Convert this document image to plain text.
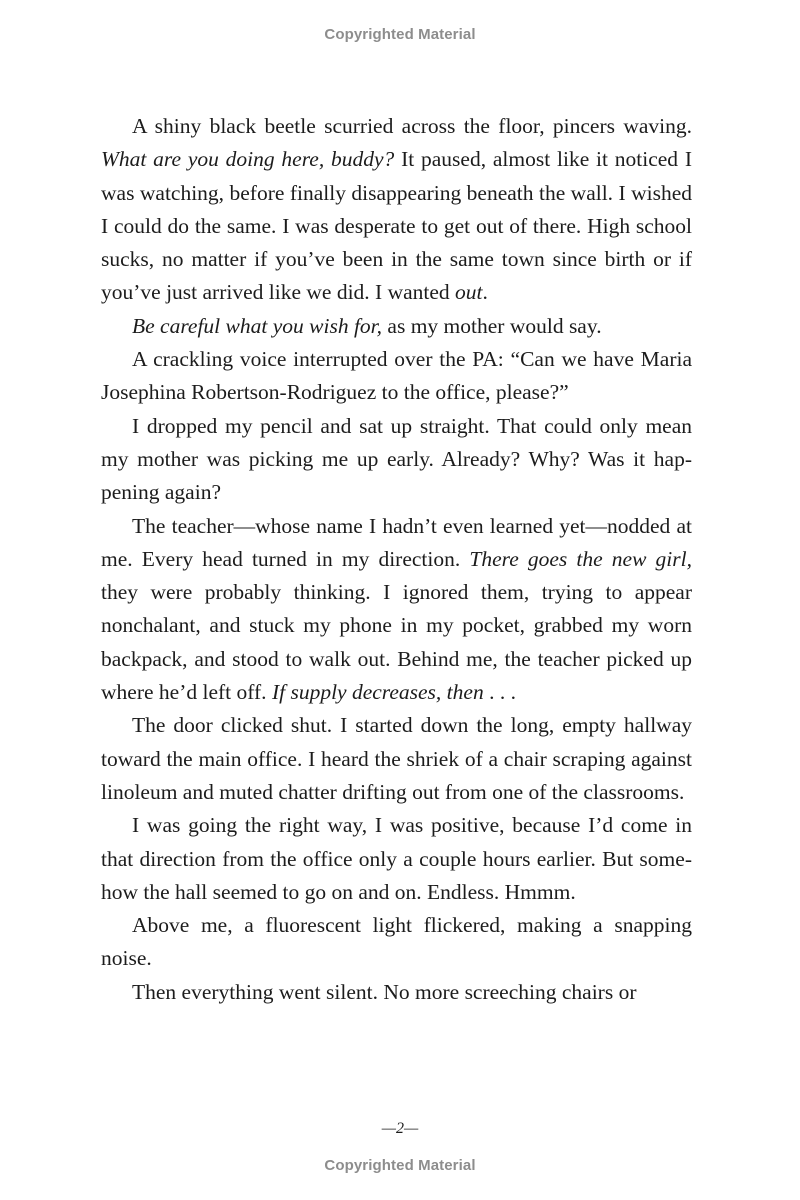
Copyrighted Material

A shiny black beetle scurried across the floor, pincers waving. What are you doing here, buddy? It paused, almost like it noticed I was watching, before finally disappearing beneath the wall. I wished I could do the same. I was desperate to get out of there. High school sucks, no matter if you’ve been in the same town since birth or if you’ve just arrived like we did. I wanted out.

Be careful what you wish for, as my mother would say.

A crackling voice interrupted over the PA: “Can we have Maria Josephina Robertson-Rodriguez to the office, please?”

I dropped my pencil and sat up straight. That could only mean my mother was picking me up early. Already? Why? Was it happening again?

The teacher—whose name I hadn’t even learned yet—nodded at me. Every head turned in my direction. There goes the new girl, they were probably thinking. I ignored them, trying to appear nonchalant, and stuck my phone in my pocket, grabbed my worn backpack, and stood to walk out. Behind me, the teacher picked up where he’d left off. If supply decreases, then . . .

The door clicked shut. I started down the long, empty hallway toward the main office. I heard the shriek of a chair scraping against linoleum and muted chatter drifting out from one of the classrooms.

I was going the right way, I was positive, because I’d come in that direction from the office only a couple hours earlier. But somehow the hall seemed to go on and on. Endless. Hmmm.

Above me, a fluorescent light flickered, making a snapping noise.

Then everything went silent. No more screeching chairs or

—2—
Copyrighted Material
